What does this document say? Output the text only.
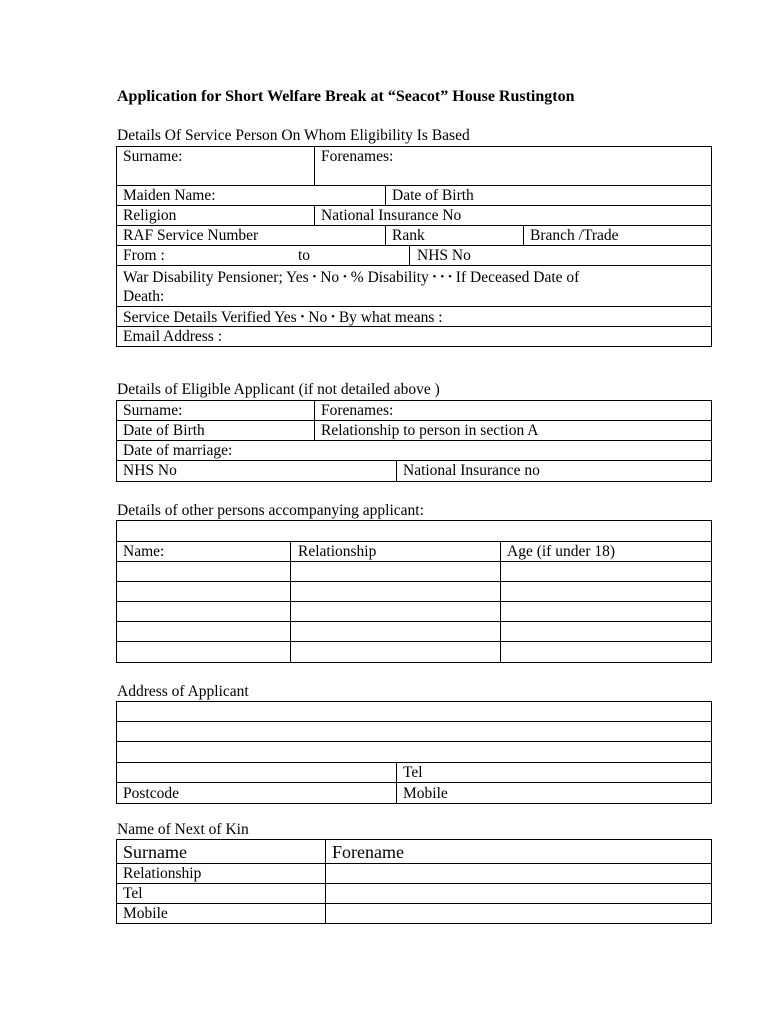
Application for Short Welfare Break at “Seacot” House Rustington
Details Of Service Person On Whom Eligibility Is Based
Surname:	Forenames:
Maiden Name:	Date of Birth
Religion	National Insurance No
RAF Service Number	Rank	Branch /Trade
From :	to	NHS No
War Disability Pensioner; Yes • No • % Disability • • • If Deceased Date of
Death:
Service Details Verified Yes • No • By what means :
Email Address :
Details of Eligible Applicant (if not detailed above )
Surname:	Forenames:
Date of Birth	Relationship to person in section A
Date of marriage:
NHS No	National Insurance no
Details of other persons accompanying applicant:
Name:	Relationship	Age (if under 18)
Address of Applicant
Tel
Postcode	Mobile
Name of Next of Kin
Surname	Forename
Relationship
Tel
Mobile
